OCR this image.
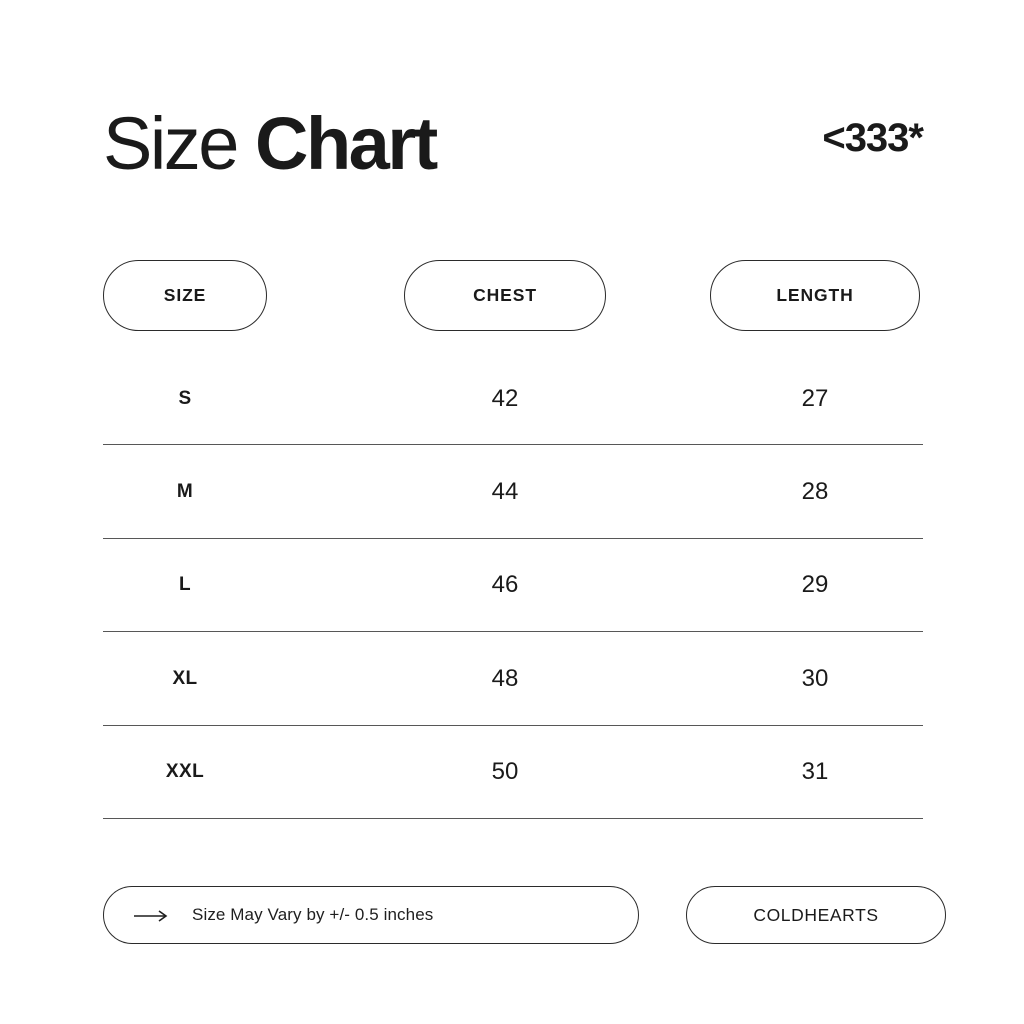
Size Chart	<333*
SIZE	CHEST	LENGTH
S	42	27
M	44	28
L	46	29
XL	48	30
XXL	50	31
Size May Vary by +/- 0.5 inches	COLDHEARTS
